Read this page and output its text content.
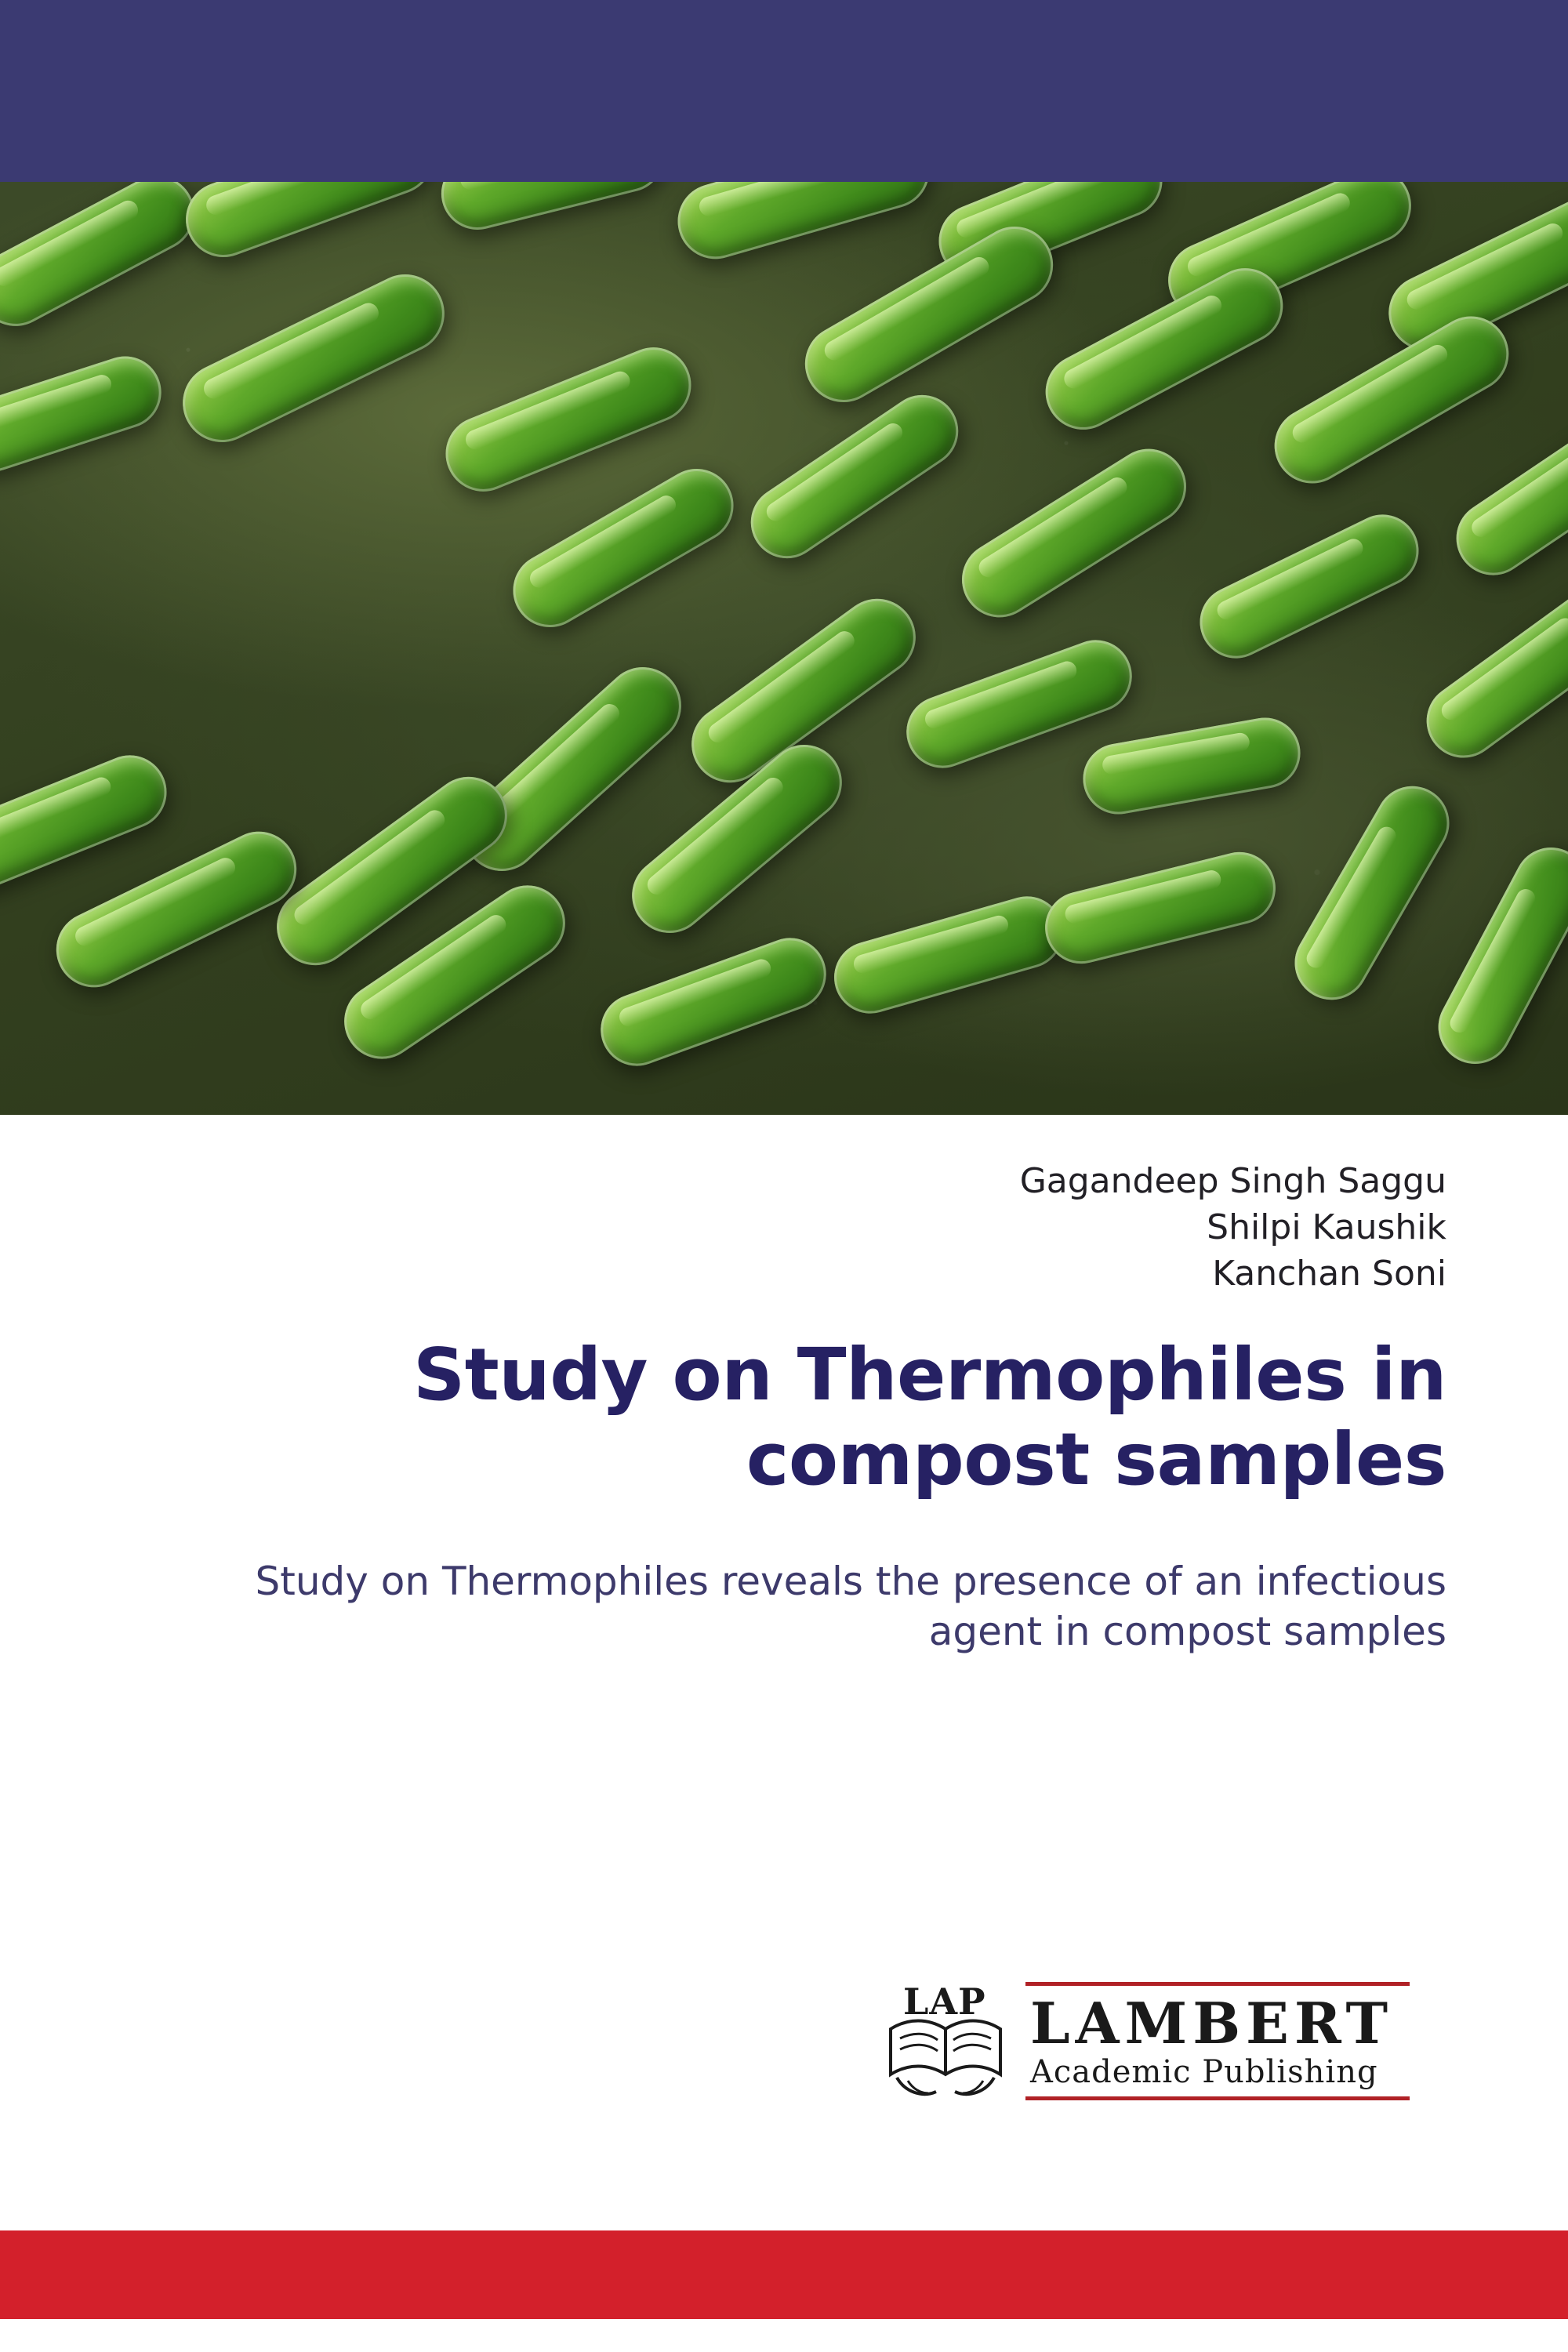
Gagandeep Singh Saggu
Shilpi Kaushik
Kanchan Soni
Study on Thermophiles in compost samples
Study on Thermophiles reveals the presence of an infectious agent in compost samples
LAP LAMBERT
Academic Publishing
